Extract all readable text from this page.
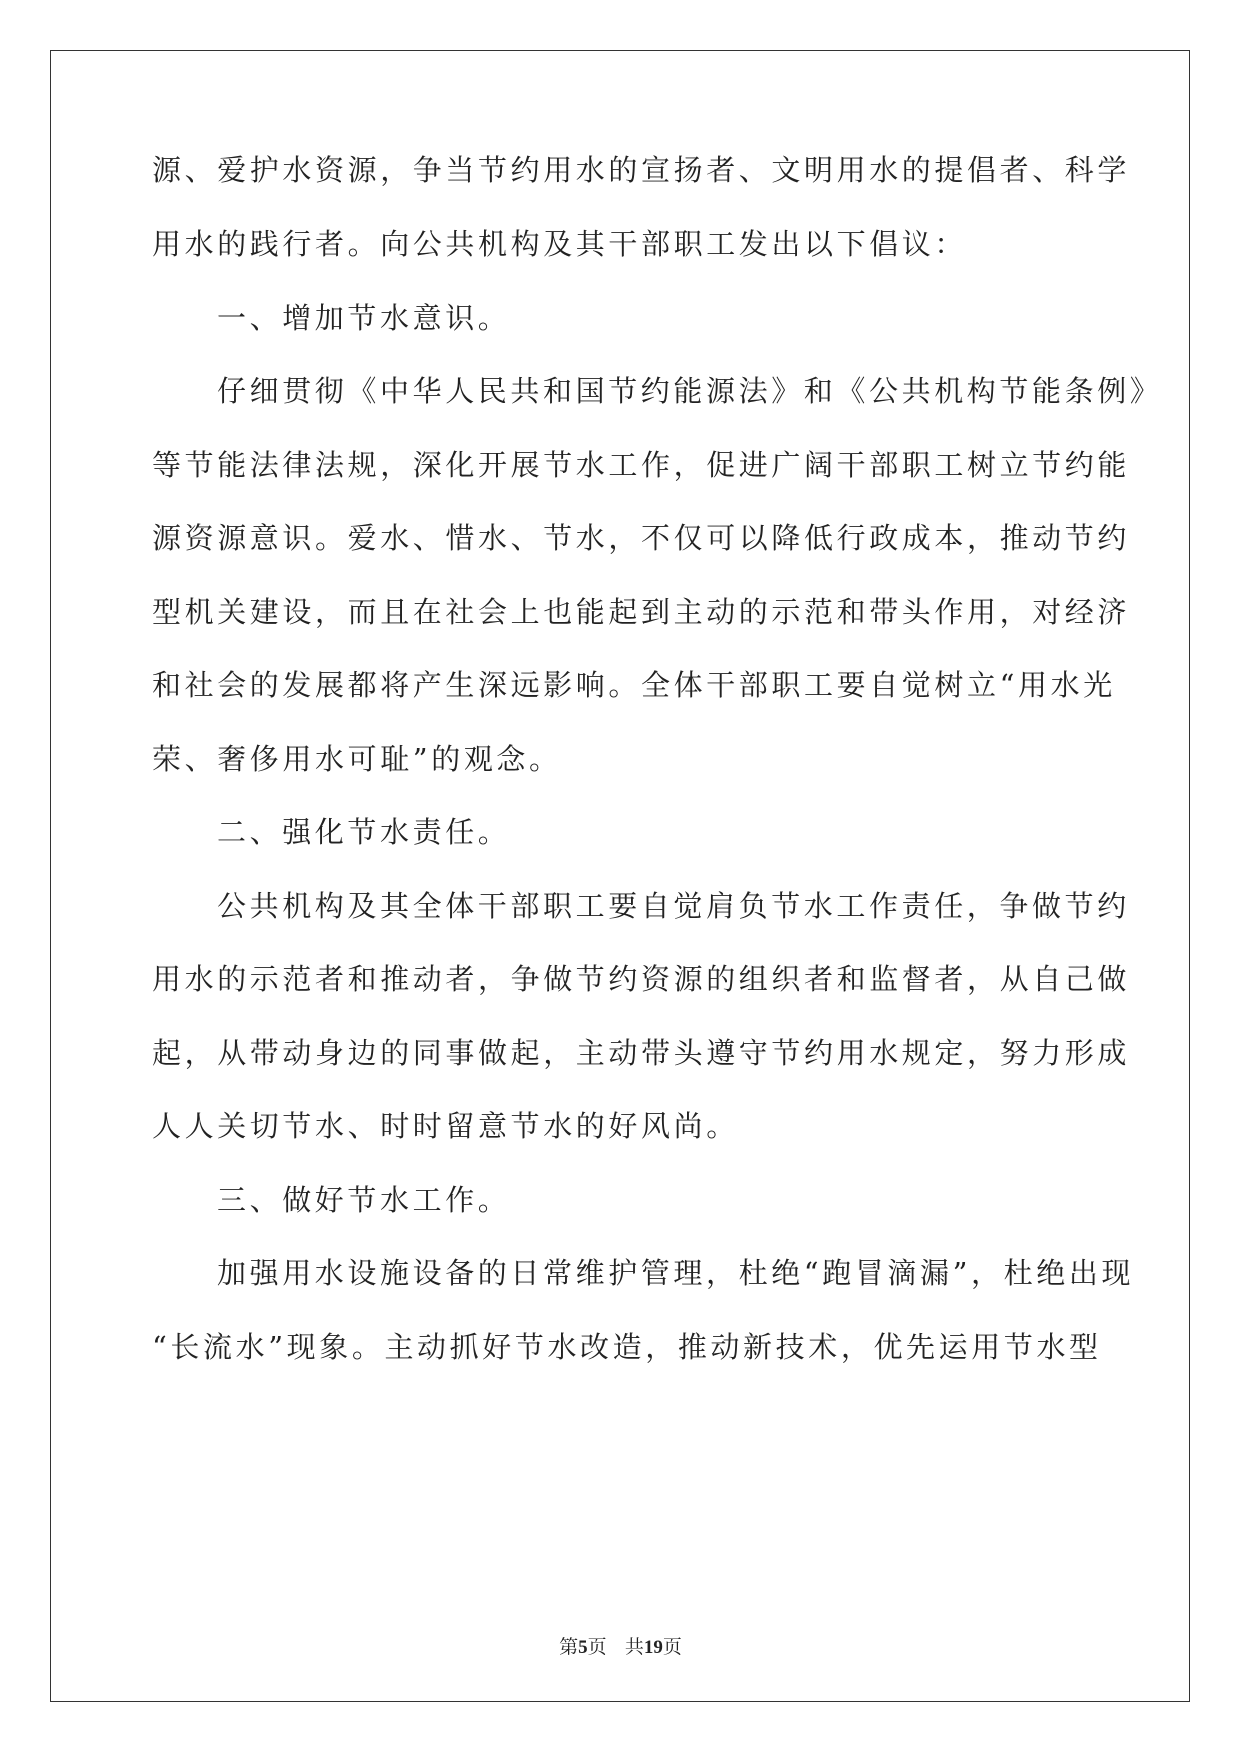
源、爱护水资源，争当节约用水的宣扬者、文明用水的提倡者、科学
用水的践行者。向公共机构及其干部职工发出以下倡议：
一、增加节水意识。
仔细贯彻《中华人民共和国节约能源法》和《公共机构节能条例》
等节能法律法规，深化开展节水工作，促进广阔干部职工树立节约能
源资源意识。爱水、惜水、节水，不仅可以降低行政成本，推动节约
型机关建设，而且在社会上也能起到主动的示范和带头作用，对经济
和社会的发展都将产生深远影响。全体干部职工要自觉树立“用水光
荣、奢侈用水可耻”的观念。
二、强化节水责任。
公共机构及其全体干部职工要自觉肩负节水工作责任，争做节约
用水的示范者和推动者，争做节约资源的组织者和监督者，从自己做
起，从带动身边的同事做起，主动带头遵守节约用水规定，努力形成
人人关切节水、时时留意节水的好风尚。
三、做好节水工作。
加强用水设施设备的日常维护管理，杜绝“跑冒滴漏”，杜绝出现
“长流水”现象。主动抓好节水改造，推动新技术，优先运用节水型
第5页 共19页
